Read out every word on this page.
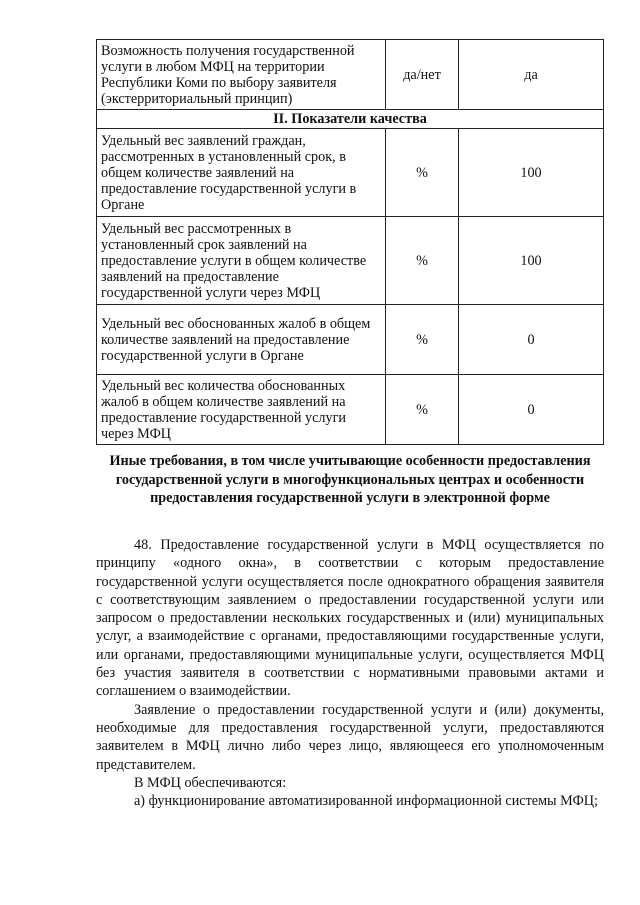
Возможность получения государственной услуги в любом МФЦ на территории Республики Коми по выбору заявителя (экстерриториальный принцип)	да/нет	да
II. Показатели качества		
Удельный вес заявлений граждан, рассмотренных в установленный срок, в общем количестве заявлений на предоставление государственной услуги в Органе	%	100
Удельный вес рассмотренных в установленный срок заявлений на предоставление услуги в общем количестве заявлений на предоставление государственной услуги через МФЦ	%	100
Удельный вес обоснованных жалоб в общем количестве заявлений на предоставление государственной услуги в Органе	%	0
Удельный вес количества обоснованных жалоб в общем количестве заявлений на предоставление государственной услуги через МФЦ	%	0
Иные требования, в том числе учитывающие особенности предоставления государственной услуги в многофункциональных центрах и особенности предоставления государственной услуги в электронной форме

48. Предоставление государственной услуги в МФЦ осуществляется по принципу «одного окна», в соответствии с которым предоставление государственной услуги осуществляется после однократного обращения заявителя с соответствующим заявлением о предоставлении государственной услуги или запросом о предоставлении нескольких государственных и (или) муниципальных услуг, а взаимодействие с органами, предоставляющими государственные услуги, или органами, предоставляющими муниципальные услуги, осуществляется МФЦ без участия заявителя в соответствии с нормативными правовыми актами и соглашением о взаимодействии.

Заявление о предоставлении государственной услуги и (или) документы, необходимые для предоставления государственной услуги, предоставляются заявителем в МФЦ лично либо через лицо, являющееся его уполномоченным представителем.

В МФЦ обеспечиваются:

а) функционирование автоматизированной информационной системы МФЦ;
